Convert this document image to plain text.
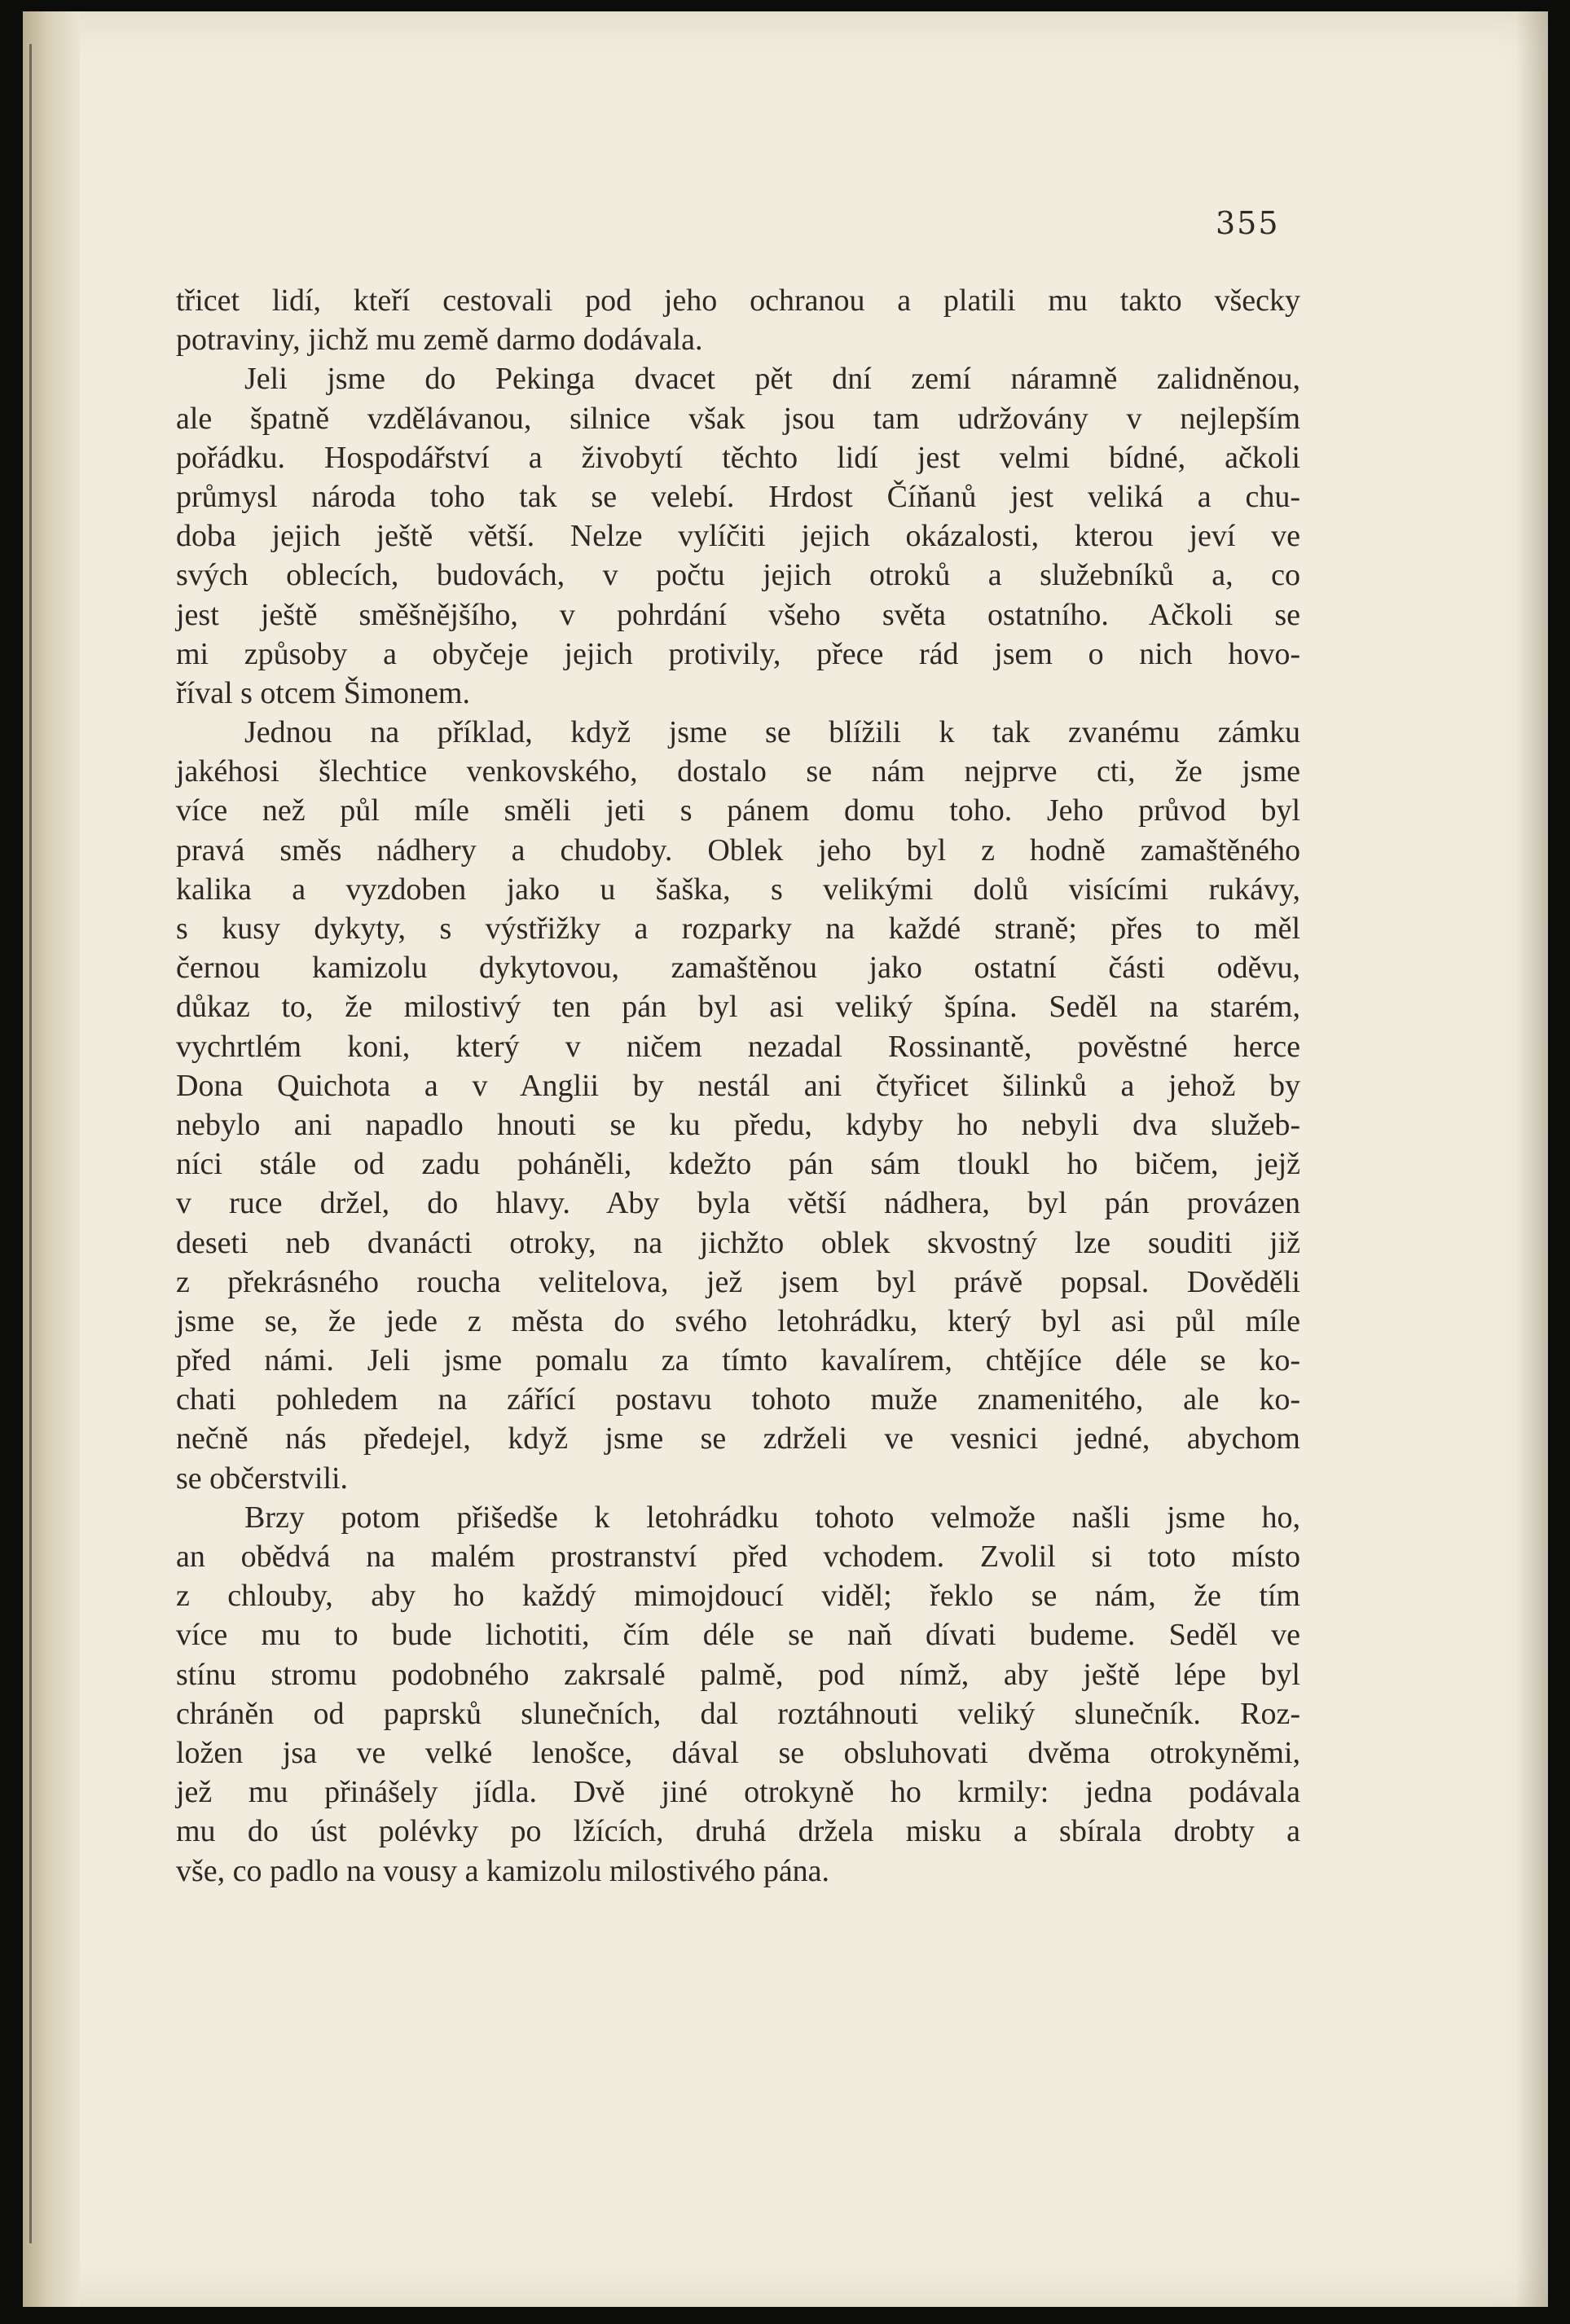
355
třicet lidí, kteří cestovali pod jeho ochranou a platili mu takto všecky
potraviny, jichž mu země darmo dodávala.
Jeli jsme do Pekinga dvacet pět dní zemí náramně zalidněnou,
ale špatně vzdělávanou, silnice však jsou tam udržovány v nejlepším
pořádku. Hospodářství a živobytí těchto lidí jest velmi bídné, ačkoli
průmysl národa toho tak se velebí. Hrdost Číňanů jest veliká a chu-
doba jejich ještě větší. Nelze vylíčiti jejich okázalosti, kterou jeví ve
svých oblecích, budovách, v počtu jejich otroků a služebníků a, co
jest ještě směšnějšího, v pohrdání všeho světa ostatního. Ačkoli se
mi způsoby a obyčeje jejich protivily, přece rád jsem o nich hovo-
říval s otcem Šimonem.
Jednou na příklad, když jsme se blížili k tak zvanému zámku
jakéhosi šlechtice venkovského, dostalo se nám nejprve cti, že jsme
více než půl míle směli jeti s pánem domu toho. Jeho průvod byl
pravá směs nádhery a chudoby. Oblek jeho byl z hodně zamaštěného
kalika a vyzdoben jako u šaška, s velikými dolů visícími rukávy,
s kusy dykyty, s výstřižky a rozparky na každé straně; přes to měl
černou kamizolu dykytovou, zamaštěnou jako ostatní části oděvu,
důkaz to, že milostivý ten pán byl asi veliký špína. Seděl na starém,
vychrtlém koni, který v ničem nezadal Rossinantě, pověstné herce
Dona Quichota a v Anglii by nestál ani čtyřicet šilinků a jehož by
nebylo ani napadlo hnouti se ku předu, kdyby ho nebyli dva služeb-
níci stále od zadu poháněli, kdežto pán sám tloukl ho bičem, jejž
v ruce držel, do hlavy. Aby byla větší nádhera, byl pán provázen
deseti neb dvanácti otroky, na jichžto oblek skvostný lze souditi již
z překrásného roucha velitelova, jež jsem byl právě popsal. Dověděli
jsme se, že jede z města do svého letohrádku, který byl asi půl míle
před námi. Jeli jsme pomalu za tímto kavalírem, chtějíce déle se ko-
chati pohledem na zářící postavu tohoto muže znamenitého, ale ko-
nečně nás předejel, když jsme se zdrželi ve vesnici jedné, abychom
se občerstvili.
Brzy potom přišedše k letohrádku tohoto velmože našli jsme ho,
an obědvá na malém prostranství před vchodem. Zvolil si toto místo
z chlouby, aby ho každý mimojdoucí viděl; řeklo se nám, že tím
více mu to bude lichotiti, čím déle se naň dívati budeme. Seděl ve
stínu stromu podobného zakrsalé palmě, pod nímž, aby ještě lépe byl
chráněn od paprsků slunečních, dal roztáhnouti veliký slunečník. Roz-
ložen jsa ve velké lenošce, dával se obsluhovati dvěma otrokyněmi,
jež mu přinášely jídla. Dvě jiné otrokyně ho krmily: jedna podávala
mu do úst polévky po lžících, druhá držela misku a sbírala drobty a
vše, co padlo na vousy a kamizolu milostivého pána.
